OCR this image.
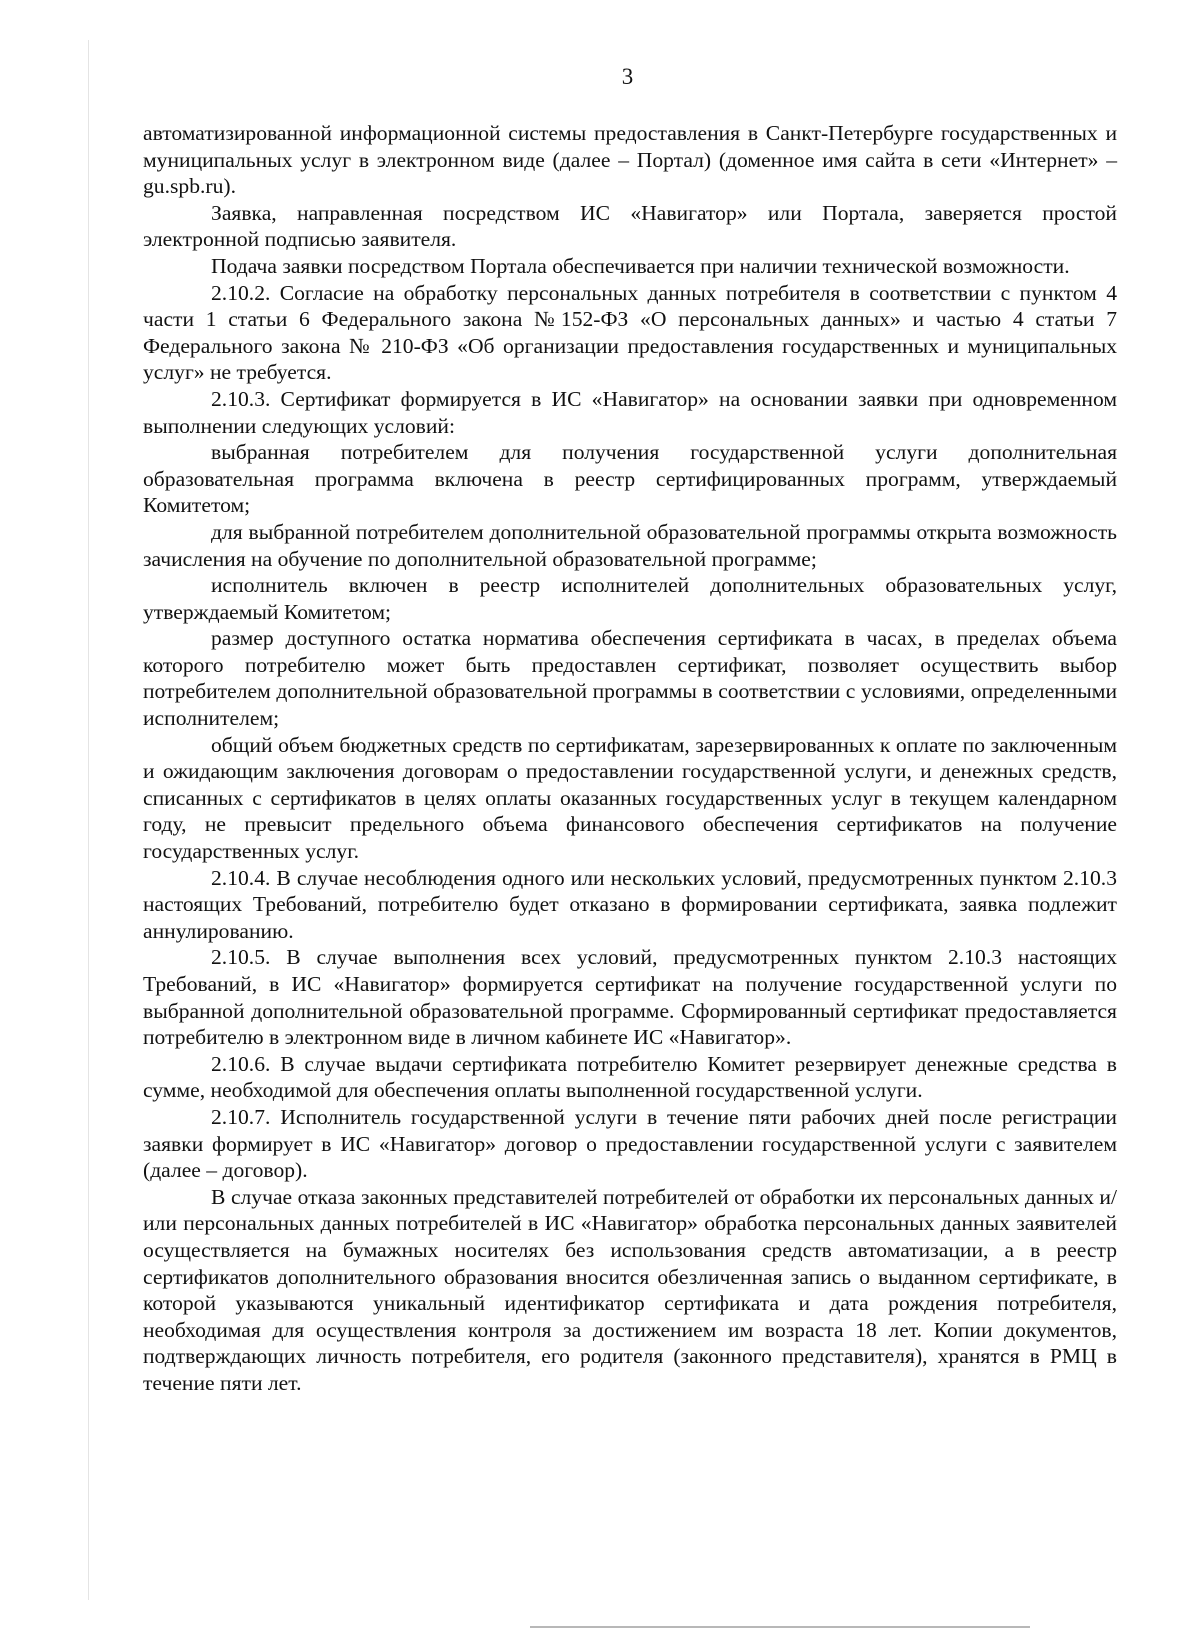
3

автоматизированной информационной системы предоставления в Санкт-Петербурге государственных и муниципальных услуг в электронном виде (далее – Портал) (доменное имя сайта в сети «Интернет» – gu.spb.ru).

Заявка, направленная посредством ИС «Навигатор» или Портала, заверяется простой электронной подписью заявителя.

Подача заявки посредством Портала обеспечивается при наличии технической возможности.

2.10.2. Согласие на обработку персональных данных потребителя в соответствии с пунктом 4 части 1 статьи 6 Федерального закона №152-ФЗ «О персональных данных» и частью 4 статьи 7 Федерального закона № 210-ФЗ «Об организации предоставления государственных и муниципальных услуг» не требуется.

2.10.3. Сертификат формируется в ИС «Навигатор» на основании заявки при одновременном выполнении следующих условий:

выбранная потребителем для получения государственной услуги дополнительная образовательная программа включена в реестр сертифицированных программ, утверждаемый Комитетом;

для выбранной потребителем дополнительной образовательной программы открыта возможность зачисления на обучение по дополнительной образовательной программе;

исполнитель включен в реестр исполнителей дополнительных образовательных услуг, утверждаемый Комитетом;

размер доступного остатка норматива обеспечения сертификата в часах, в пределах объема которого потребителю может быть предоставлен сертификат, позволяет осуществить выбор потребителем дополнительной образовательной программы в соответствии с условиями, определенными исполнителем;

общий объем бюджетных средств по сертификатам, зарезервированных к оплате по заключенным и ожидающим заключения договорам о предоставлении государственной услуги, и денежных средств, списанных с сертификатов в целях оплаты оказанных государственных услуг в текущем календарном году, не превысит предельного объема финансового обеспечения сертификатов на получение государственных услуг.

2.10.4. В случае несоблюдения одного или нескольких условий, предусмотренных пунктом 2.10.3 настоящих Требований, потребителю будет отказано в формировании сертификата, заявка подлежит аннулированию.

2.10.5. В случае выполнения всех условий, предусмотренных пунктом 2.10.3 настоящих Требований, в ИС «Навигатор» формируется сертификат на получение государственной услуги по выбранной дополнительной образовательной программе. Сформированный сертификат предоставляется потребителю в электронном виде в личном кабинете ИС «Навигатор».

2.10.6. В случае выдачи сертификата потребителю Комитет резервирует денежные средства в сумме, необходимой для обеспечения оплаты выполненной государственной услуги.

2.10.7. Исполнитель государственной услуги в течение пяти рабочих дней после регистрации заявки формирует в ИС «Навигатор» договор о предоставлении государственной услуги с заявителем (далее – договор).

В случае отказа законных представителей потребителей от обработки их персональных данных и/или персональных данных потребителей в ИС «Навигатор» обработка персональных данных заявителей осуществляется на бумажных носителях без использования средств автоматизации, а в реестр сертификатов дополнительного образования вносится обезличенная запись о выданном сертификате, в которой указываются уникальный идентификатор сертификата и дата рождения потребителя, необходимая для осуществления контроля за достижением им возраста 18 лет. Копии документов, подтверждающих личность потребителя, его родителя (законного представителя), хранятся в РМЦ в течение пяти лет.
